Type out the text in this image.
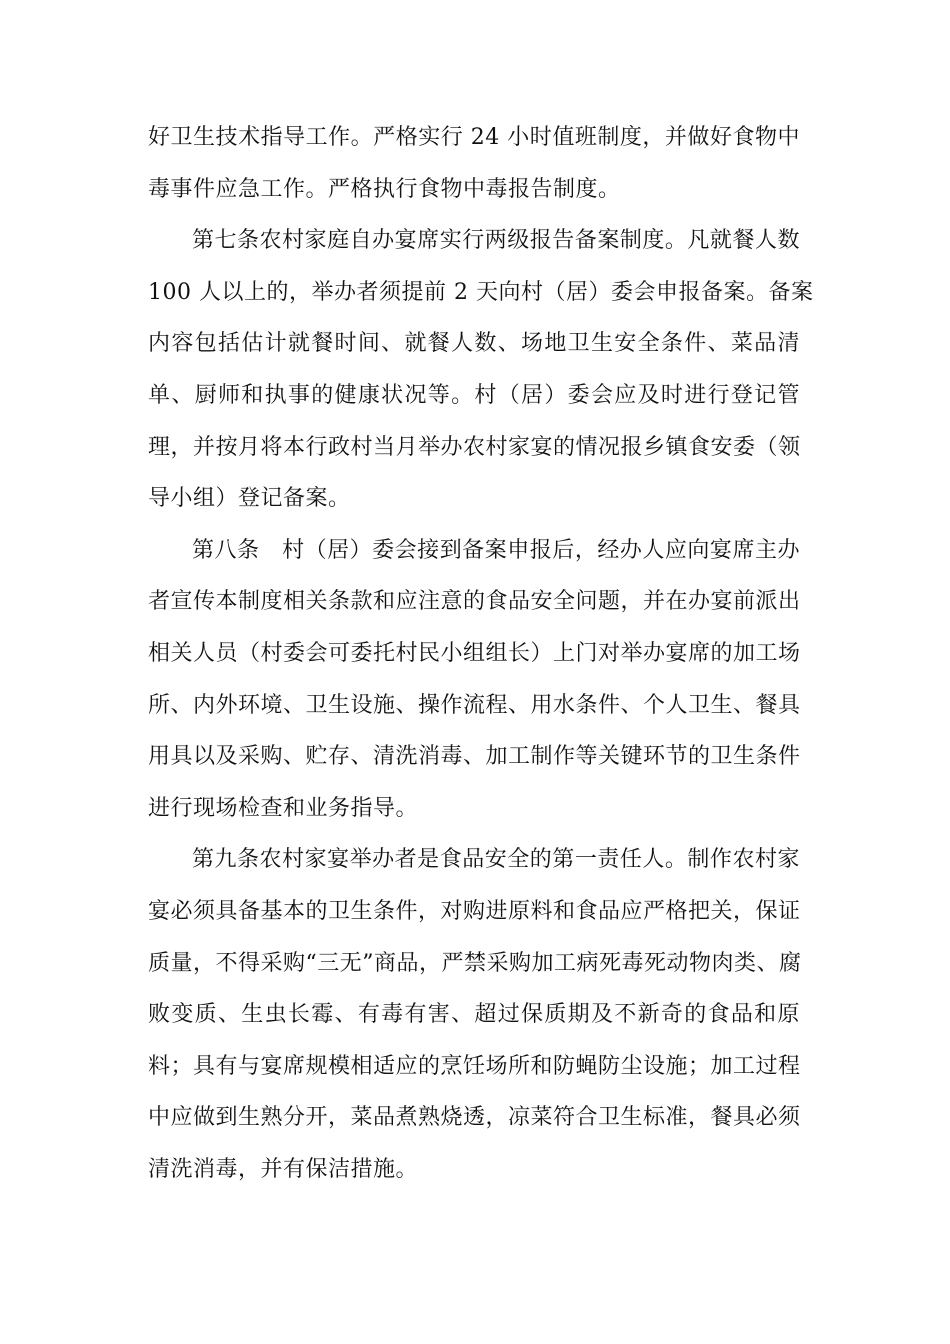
好卫生技术指导工作。严格实行 24 小时值班制度，并做好食物中
毒事件应急工作。严格执行食物中毒报告制度。
第七条农村家庭自办宴席实行两级报告备案制度。凡就餐人数
100 人以上的，举办者须提前 2 天向村（居）委会申报备案。备案
内容包括估计就餐时间、就餐人数、场地卫生安全条件、菜品清
单、厨师和执事的健康状况等。村（居）委会应及时进行登记管
理，并按月将本行政村当月举办农村家宴的情况报乡镇食安委（领
导小组）登记备案。
第八条　村（居）委会接到备案申报后，经办人应向宴席主办
者宣传本制度相关条款和应注意的食品安全问题，并在办宴前派出
相关人员（村委会可委托村民小组组长）上门对举办宴席的加工场
所、内外环境、卫生设施、操作流程、用水条件、个人卫生、餐具
用具以及采购、贮存、清洗消毒、加工制作等关键环节的卫生条件
进行现场检查和业务指导。
第九条农村家宴举办者是食品安全的第一责任人。制作农村家
宴必须具备基本的卫生条件，对购进原料和食品应严格把关，保证
质量，不得采购“三无”商品，严禁采购加工病死毒死动物肉类、腐
败变质、生虫长霉、有毒有害、超过保质期及不新奇的食品和原
料；具有与宴席规模相适应的烹饪场所和防蝇防尘设施；加工过程
中应做到生熟分开，菜品煮熟烧透，凉菜符合卫生标准，餐具必须
清洗消毒，并有保洁措施。
